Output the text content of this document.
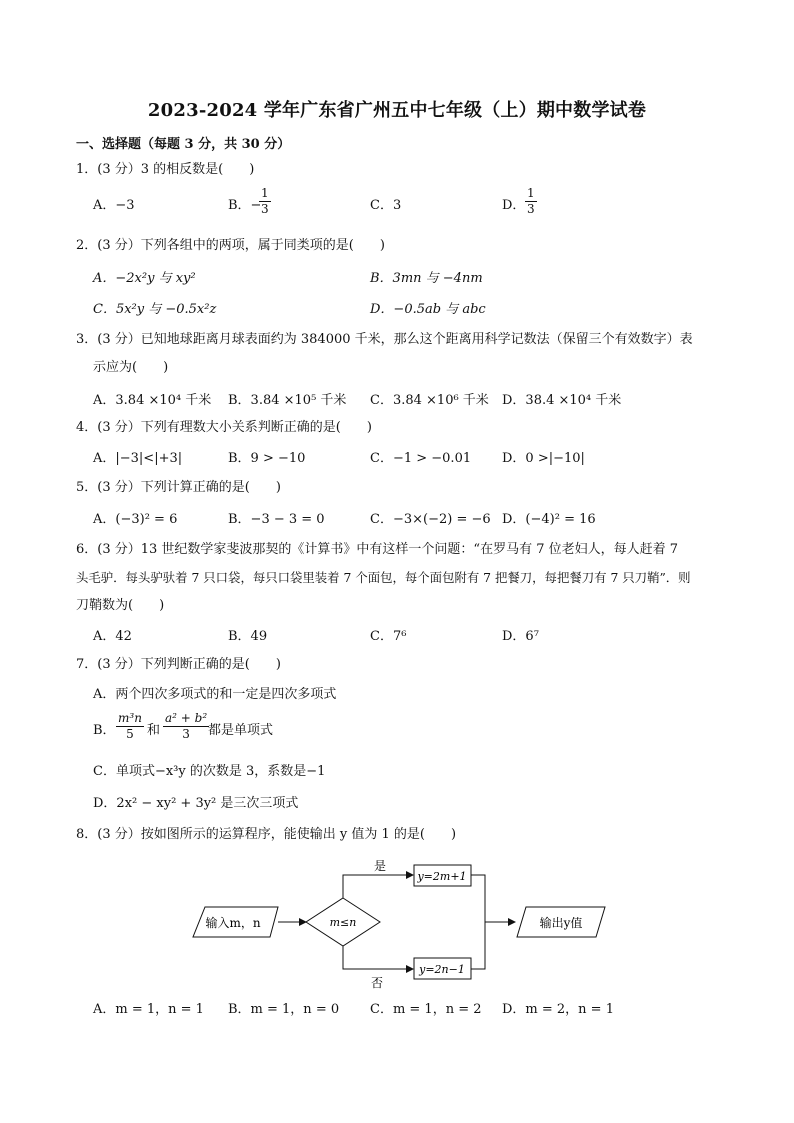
2023-2024 学年广东省广州五中七年级（上）期中数学试卷
一、选择题（每题 3 分，共 30 分）
1．(3 分）3 的相反数是(　　)
A．−3	B．−
$\frac{1}{3}$	C．3	D． $\frac{1}{3}$
2．(3 分）下列各组中的两项，属于同类项的是(　　)
A．−2x²y 与 xy²	B．3mn 与 −4nm
C．5x²y 与 −0.5x²z	D．−0.5ab 与 abc
3．(3 分）已知地球距离月球表面约为 384000 千米，那么这个距离用科学记数法（保留三个有效数字）表
示应为(　　)
A．3.84 ×10⁴ 千米 B．3.84 ×10⁵ 千米 C．3.84 ×10⁶ 千米 D．38.4 ×10⁴ 千米
4．(3 分）下列有理数大小关系判断正确的是(　　)
A．|−3|<|+3|	B．9 > −10	C．−1 > −0.01 D．0 >|−10|
5．(3 分）下列计算正确的是(　　)
A．(−3)² = 6	B．−3 − 3 = 0	C．−3×(−2) = −6 D．(−4)² = 16
6．(3 分）13 世纪数学家斐波那契的《计算书》中有这样一个问题：“在罗马有 7 位老妇人，每人赶着 7
头毛驴．每头驴驮着 7 只口袋，每只口袋里装着 7 个面包，每个面包附有 7 把餐刀，每把餐刀有 7 只刀鞘”．则
刀鞘数为(　　)
A．42	B．49	C．7⁶	D．6⁷
7．(3 分）下列判断正确的是(　　)
A．两个四次多项式的和一定是四次多项式
B． $\frac{\text{m³n}}{5}$ 和 $\frac{\text{a² + b²}}{3}$
都是单项式
C．单项式−x³y 的次数是 3，系数是−1
D．2x² − xy² + 3y² 是三次三项式
8．(3 分）按如图所示的运算程序，能使输出 y 值为 1 的是(　　)
输入m，n	m≤n
是
否
y=2m+1
y=2n−1
输出y值
A．m = 1，n = 1 B．m = 1，n = 0 C．m = 1，n = 2 D．m = 2，n = 1
